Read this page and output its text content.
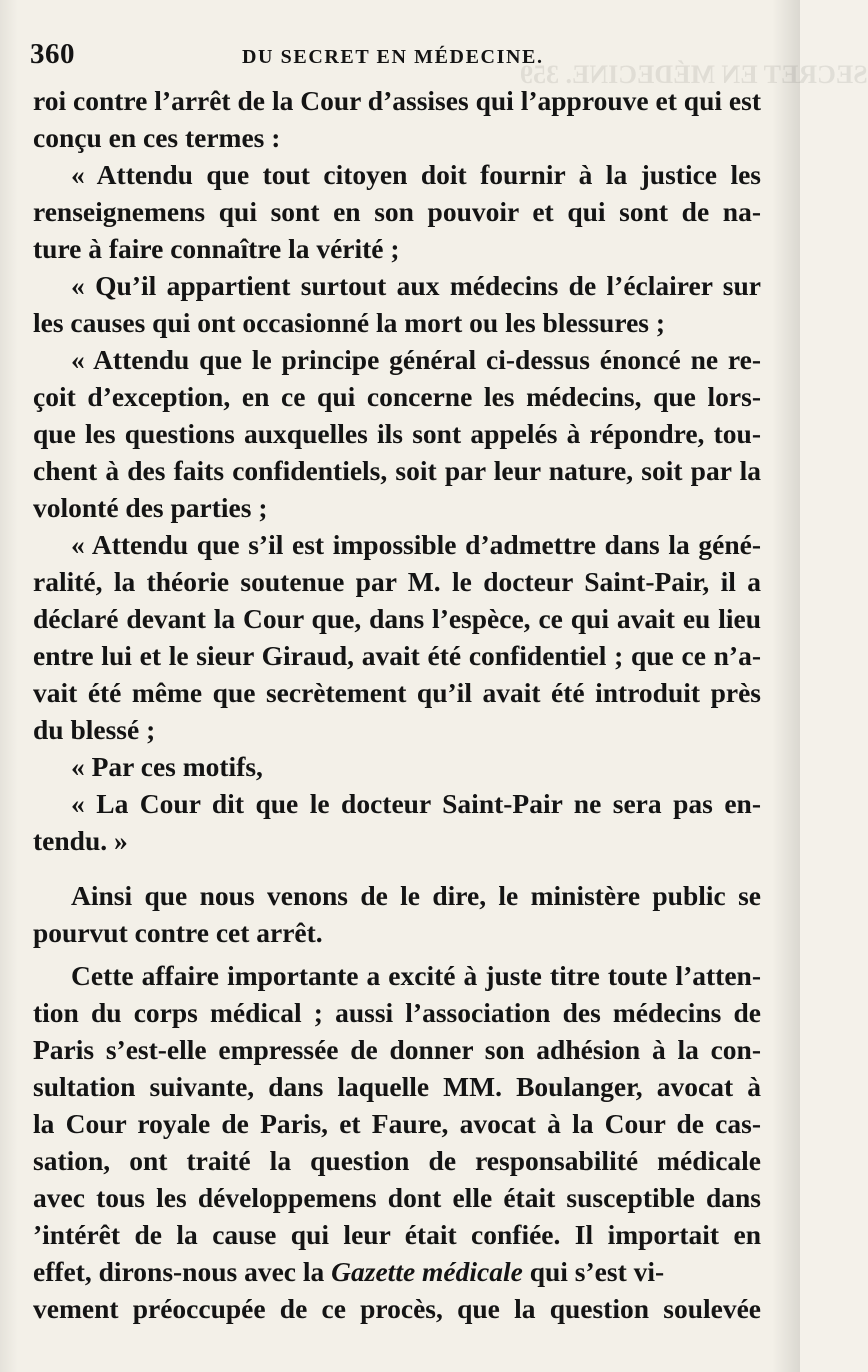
SECRET EN MÉDECINE. 359
360	DU SECRET EN MÉDECINE.
roi contre l’arrêt de la Cour d’assises qui l’approuve et qui est
conçu en ces termes :
« Attendu que tout citoyen doit fournir à la justice les
renseignemens qui sont en son pouvoir et qui sont de na-
ture à faire connaître la vérité ;
« Qu’il appartient surtout aux médecins de l’éclairer sur
les causes qui ont occasionné la mort ou les blessures ;
« Attendu que le principe général ci-dessus énoncé ne re-
çoit d’exception, en ce qui concerne les médecins, que lors-
que les questions auxquelles ils sont appelés à répondre, tou-
chent à des faits confidentiels, soit par leur nature, soit par la
volonté des parties ;
« Attendu que s’il est impossible d’admettre dans la géné-
ralité, la théorie soutenue par M. le docteur Saint-Pair, il a
déclaré devant la Cour que, dans l’espèce, ce qui avait eu lieu
entre lui et le sieur Giraud, avait été confidentiel ; que ce n’a-
vait été même que secrètement qu’il avait été introduit près
du blessé ;
« Par ces motifs,
« La Cour dit que le docteur Saint-Pair ne sera pas en-
tendu. »
Ainsi que nous venons de le dire, le ministère public se
pourvut contre cet arrêt.
Cette affaire importante a excité à juste titre toute l’atten-
tion du corps médical ; aussi l’association des médecins de
Paris s’est-elle empressée de donner son adhésion à la con-
sultation suivante, dans laquelle MM. Boulanger, avocat à
la Cour royale de Paris, et Faure, avocat à la Cour de cas-
sation, ont traité la question de responsabilité médicale
avec tous les développemens dont elle était susceptible dans
’intérêt de la cause qui leur était confiée. Il importait en
effet, dirons-nous avec la Gazette médicale qui s’est vi-
vement préoccupée de ce procès, que la question soulevée
